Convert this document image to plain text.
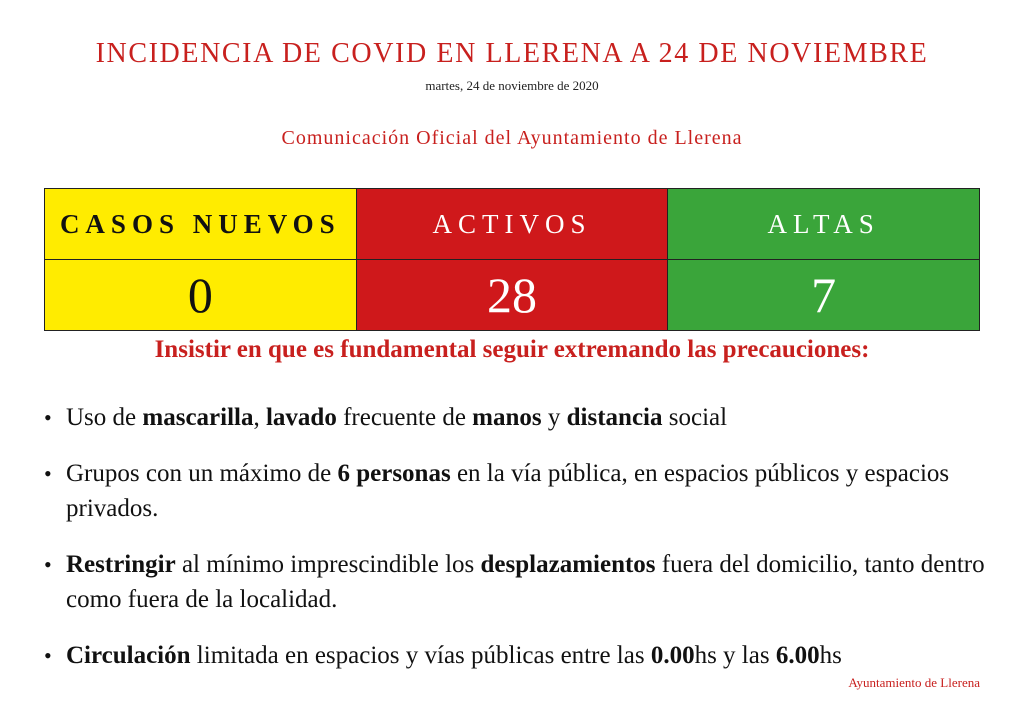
INCIDENCIA DE COVID EN LLERENA A 24 DE NOVIEMBRE
martes, 24 de noviembre de 2020
Comunicación Oficial del Ayuntamiento de Llerena
CASOS NUEVOS	ACTIVOS	ALTAS
0	28	7
Insistir en que es fundamental seguir extremando las precauciones:
• Uso de mascarilla, lavado frecuente de manos y distancia social
• Grupos con un máximo de 6 personas en la vía pública, en espacios públicos y espacios privados.
• Restringir al mínimo imprescindible los desplazamientos fuera del domicilio, tanto dentro como fuera de la localidad.
• Circulación limitada en espacios y vías públicas entre las 0.00hs y las 6.00hs
Ayuntamiento de Llerena
